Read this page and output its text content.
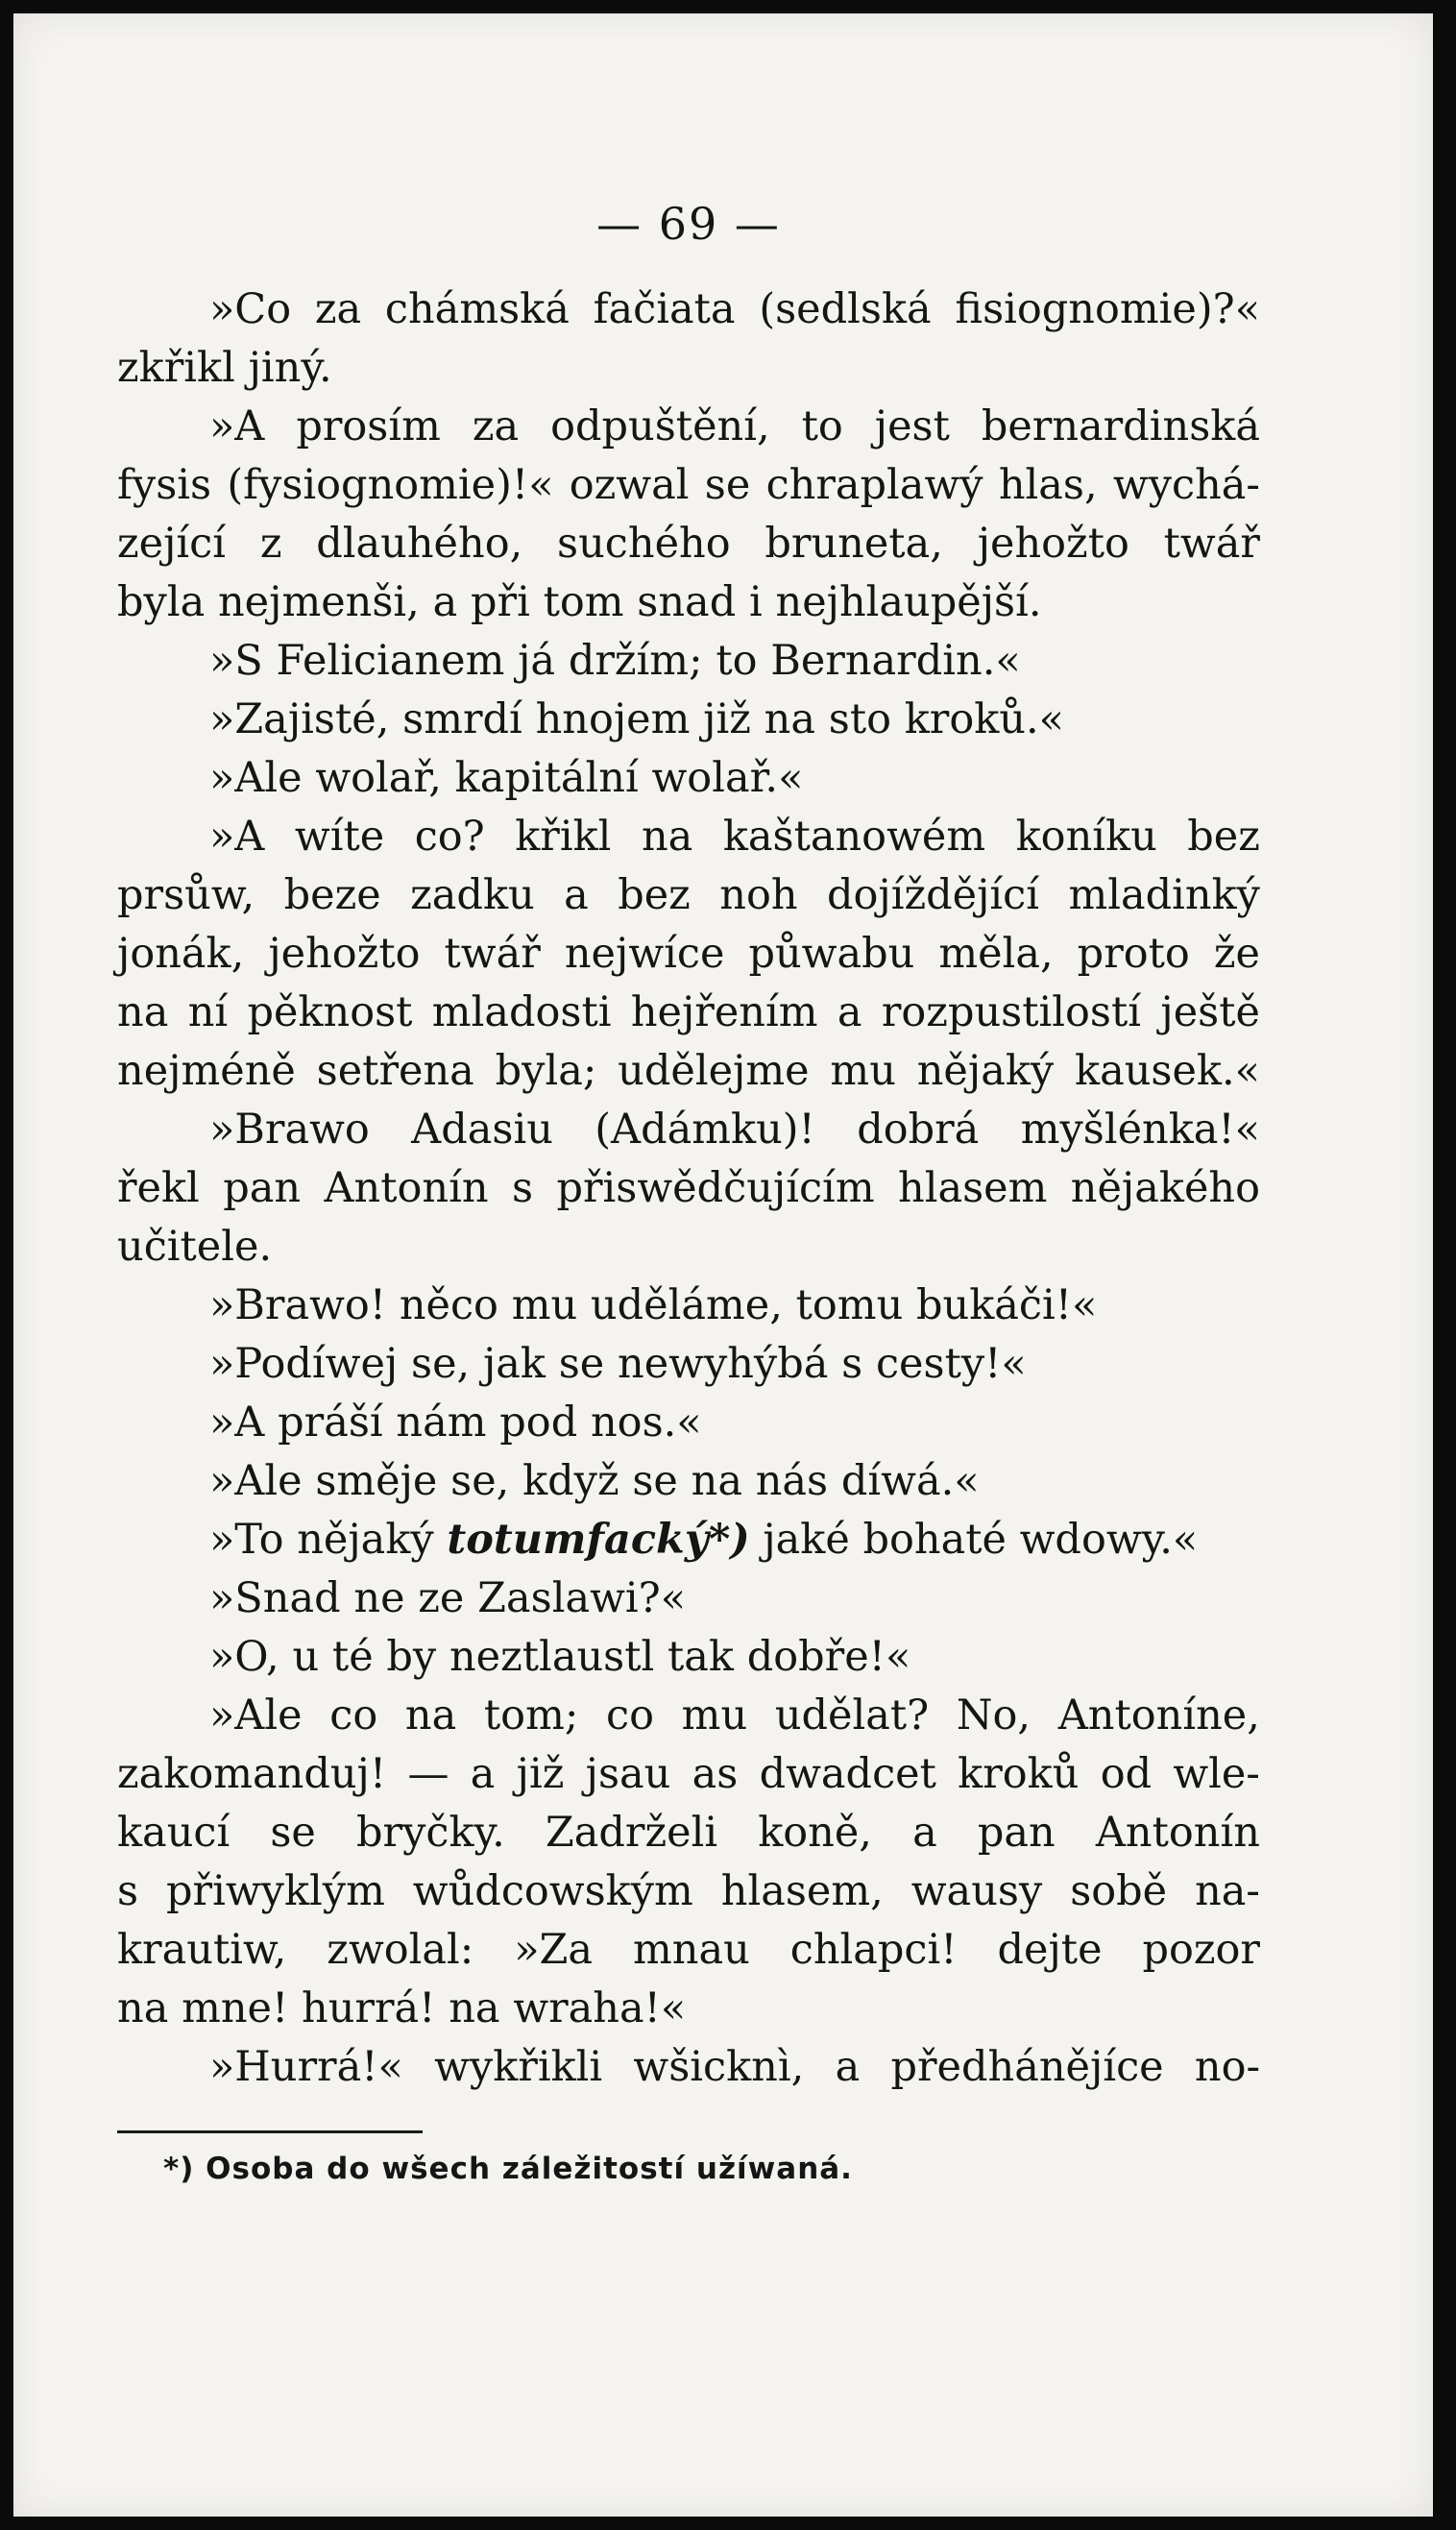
— 69 —
»Co za chámská fačiata (sedlská fisiognomie)?«
zkřikl jiný.
»A prosím za odpuštění, to jest bernardinská
fysis (fysiognomie)!« ozwal se chraplawý hlas, wychá-
zející z dlauhého, suchého bruneta, jehožto twář
byla nejmenši, a při tom snad i nejhlaupější.
»S Felicianem já držím; to Bernardin.«
»Zajisté, smrdí hnojem již na sto kroků.«
»Ale wolař, kapitální wolař.«
»A wíte co? křikl na kaštanowém koníku bez
prsůw, beze zadku a bez noh dojíždějící mladinký
jonák, jehožto twář nejwíce půwabu měla, proto že
na ní pěknost mladosti hejřením a rozpustilostí ještě
nejméně setřena byla; udělejme mu nějaký kausek.«
»Brawo Adasiu (Adámku)! dobrá myšlénka!«
řekl pan Antonín s přiswědčujícím hlasem nějakého
učitele.
»Brawo! něco mu uděláme, tomu bukáči!«
»Podíwej se, jak se newyhýbá s cesty!«
»A práší nám pod nos.«
»Ale směje se, když se na nás díwá.«
»To nějaký totumfacký*) jaké bohaté wdowy.«
»Snad ne ze Zaslawi?«
»O, u té by neztlaustl tak dobře!«
»Ale co na tom; co mu udělat? No, Antoníne,
zakomanduj! — a již jsau as dwadcet kroků od wle-
kaucí se bryčky. Zadrželi koně, a pan Antonín
s přiwyklým wůdcowským hlasem, wausy sobě na-
krautiw, zwolal: »Za mnau chlapci! dejte pozor
na mne! hurrá! na wraha!«
»Hurrá!« wykřikli wšicknì, a předhánějíce no-
*) Osoba do wšech záležitostí užíwaná.
